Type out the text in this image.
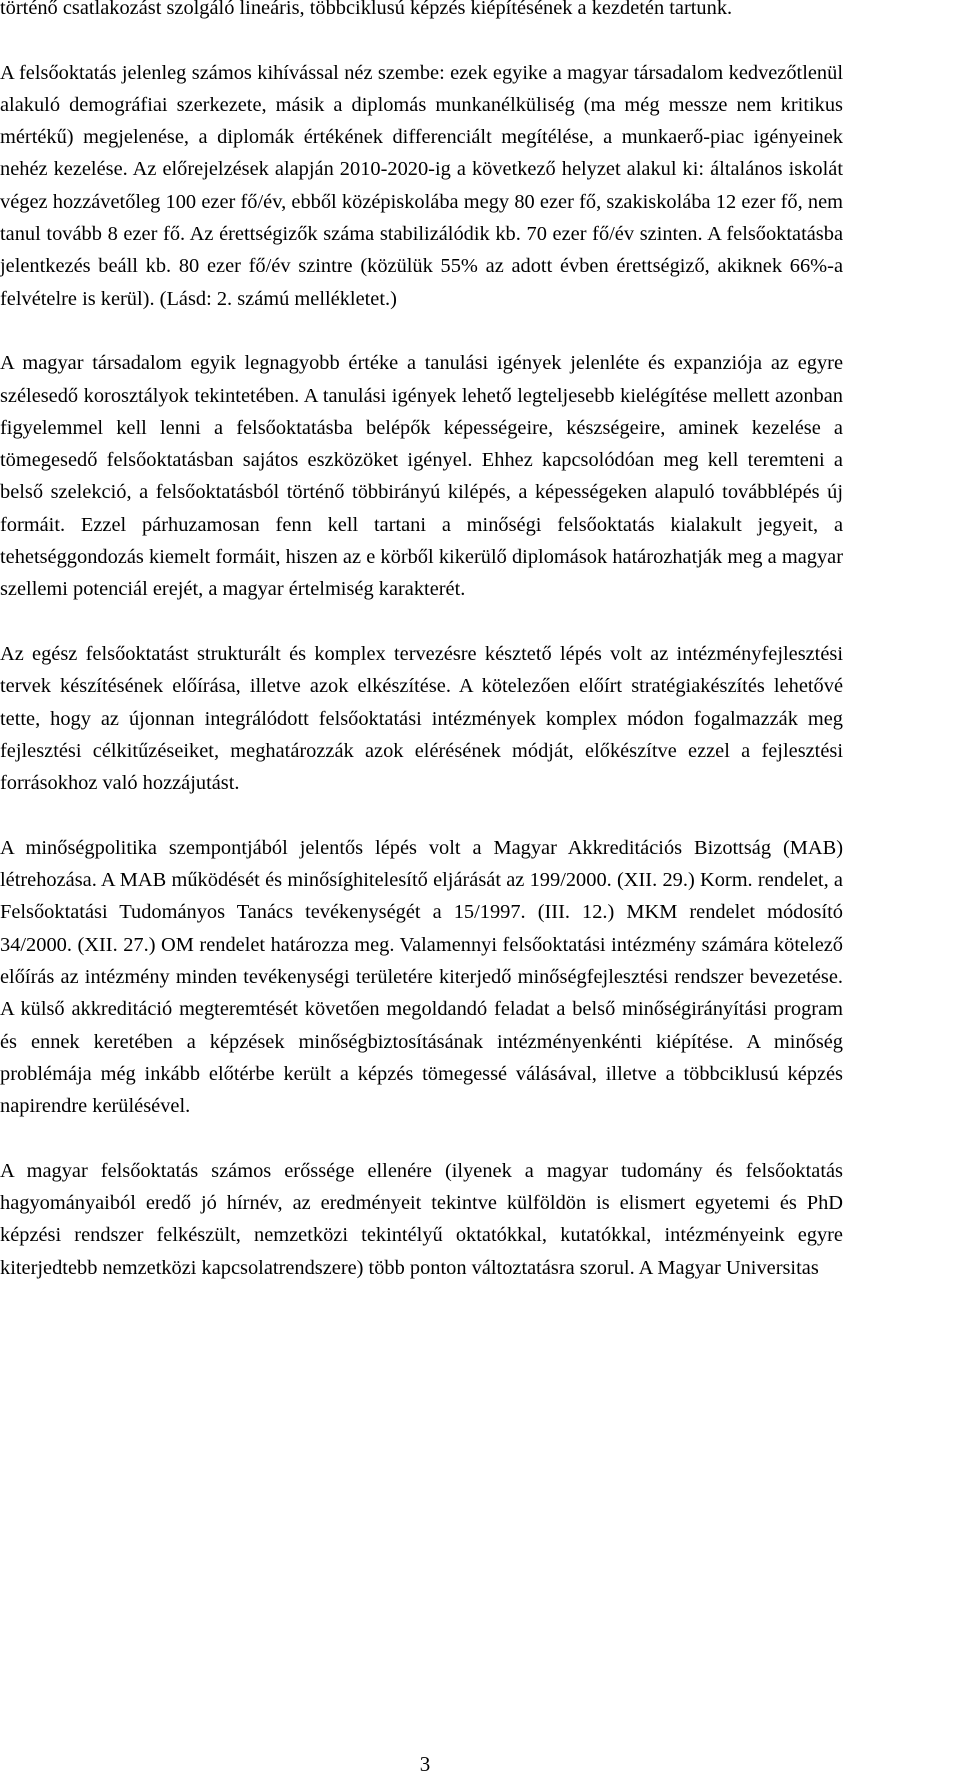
történő csatlakozást szolgáló lineáris, többciklusú képzés kiépítésének a kezdetén tartunk.

A felsőoktatás jelenleg számos kihívással néz szembe: ezek egyike a magyar társadalom kedvezőtlenül alakuló demográfiai szerkezete, másik a diplomás munkanélküliség (ma még messze nem kritikus mértékű) megjelenése, a diplomák értékének differenciált megítélése, a munkaerő-piac igényeinek nehéz kezelése. Az előrejelzések alapján 2010-2020-ig a következő helyzet alakul ki: általános iskolát végez hozzávetőleg 100 ezer fő/év, ebből középiskolába megy 80 ezer fő, szakiskolába 12 ezer fő, nem tanul tovább 8 ezer fő. Az érettségizők száma stabilizálódik kb. 70 ezer fő/év szinten. A felsőoktatásba jelentkezés beáll kb. 80 ezer fő/év szintre (közülük 55% az adott évben érettségiző, akiknek 66%-a felvételre is kerül). (Lásd: 2. számú mellékletet.)

A magyar társadalom egyik legnagyobb értéke a tanulási igények jelenléte és expanziója az egyre szélesedő korosztályok tekintetében. A tanulási igények lehető legteljesebb kielégítése mellett azonban figyelemmel kell lenni a felsőoktatásba belépők képességeire, készségeire, aminek kezelése a tömegesedő felsőoktatásban sajátos eszközöket igényel. Ehhez kapcsolódóan meg kell teremteni a belső szelekció, a felsőoktatásból történő többirányú kilépés, a képességeken alapuló továbblépés új formáit. Ezzel párhuzamosan fenn kell tartani a minőségi felsőoktatás kialakult jegyeit, a tehetséggondozás kiemelt formáit, hiszen az e körből kikerülő diplomások határozhatják meg a magyar szellemi potenciál erejét, a magyar értelmiség karakterét.

Az egész felsőoktatást strukturált és komplex tervezésre késztető lépés volt az intézményfejlesztési tervek készítésének előírása, illetve azok elkészítése. A kötelezően előírt stratégiakészítés lehetővé tette, hogy az újonnan integrálódott felsőoktatási intézmények komplex módon fogalmazzák meg fejlesztési célkitűzéseiket, meghatározzák azok elérésének módját, előkészítve ezzel a fejlesztési forrásokhoz való hozzájutást.

A minőségpolitika szempontjából jelentős lépés volt a Magyar Akkreditációs Bizottság (MAB) létrehozása. A MAB működését és minősíghitelesítő eljárását az 199/2000. (XII. 29.) Korm. rendelet, a Felsőoktatási Tudományos Tanács tevékenységét a 15/1997. (III. 12.) MKM rendelet módosító 34/2000. (XII. 27.) OM rendelet határozza meg. Valamennyi felsőoktatási intézmény számára kötelező előírás az intézmény minden tevékenységi területére kiterjedő minőségfejlesztési rendszer bevezetése. A külső akkreditáció megteremtését követően megoldandó feladat a belső minőségirányítási program és ennek keretében a képzések minőségbiztosításának intézményenkénti kiépítése. A minőség problémája még inkább előtérbe került a képzés tömegessé válásával, illetve a többciklusú képzés napirendre kerülésével.

A magyar felsőoktatás számos erőssége ellenére (ilyenek a magyar tudomány és felsőoktatás hagyományaiból eredő jó hírnév, az eredményeit tekintve külföldön is elismert egyetemi és PhD képzési rendszer felkészült, nemzetközi tekintélyű oktatókkal, kutatókkal, intézményeink egyre kiterjedtebb nemzetközi kapcsolatrendszere) több ponton változtatásra szorul. A Magyar Universitas

3
